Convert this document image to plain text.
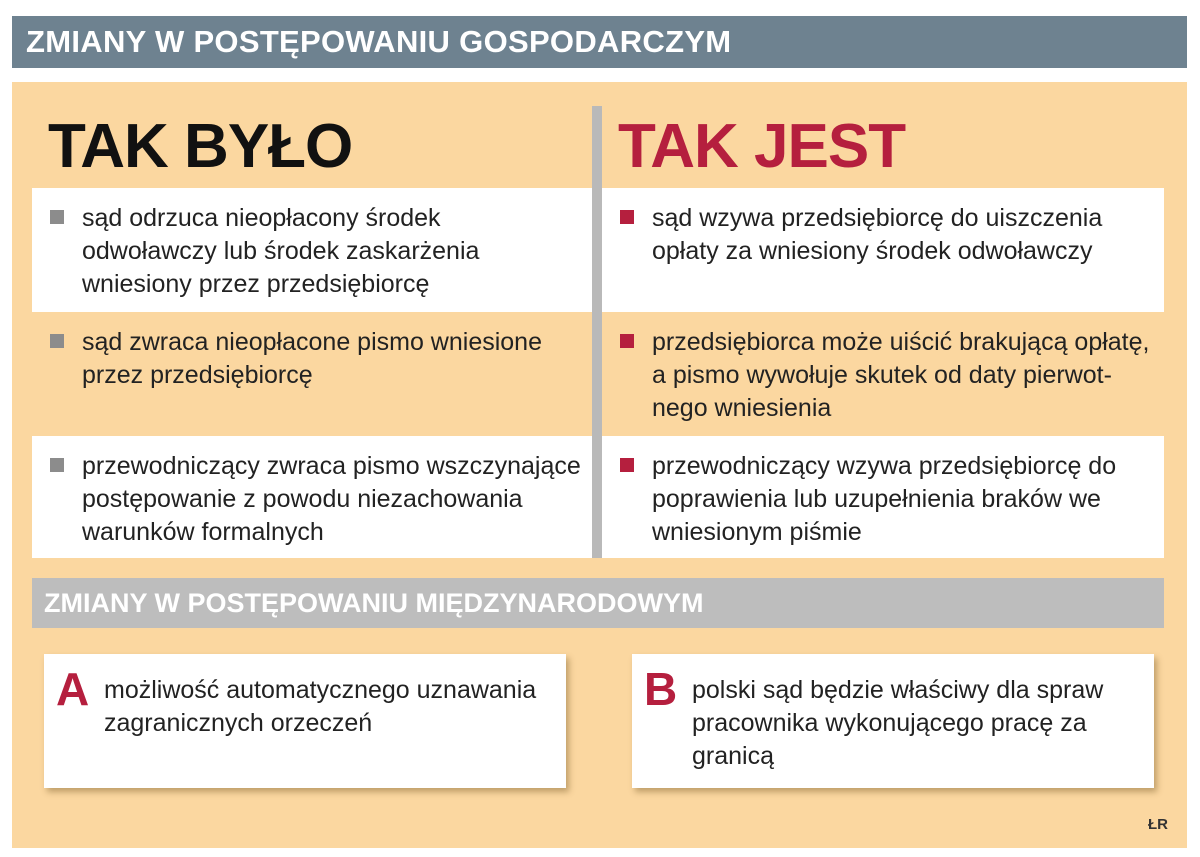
ZMIANY W POSTĘPOWANIU GOSPODARCZYM
TAK BYŁO	TAK JEST
sąd odrzuca nieopłacony środek odwoławczy lub środek zaskarżenia wniesiony przez przedsiębiorcę
sąd wzywa przedsiębiorcę do uiszczenia opłaty za wniesiony środek odwoławczy
sąd zwraca nieopłacone pismo wniesione przez przedsiębiorcę
przedsiębiorca może uiścić brakującą opłatę, a pismo wywołuje skutek od daty pierwot-nego wniesienia
przewodniczący zwraca pismo wszczynające postępowanie z powodu niezachowania warunków formalnych
przewodniczący wzywa przedsiębiorcę do poprawienia lub uzupełnienia braków we wniesionym piśmie
ZMIANY W POSTĘPOWANIU MIĘDZYNARODOWYM
A możliwość automatycznego uznawania zagranicznych orzeczeń
B polski sąd będzie właściwy dla spraw pracownika wykonującego pracę za granicą
ŁR
